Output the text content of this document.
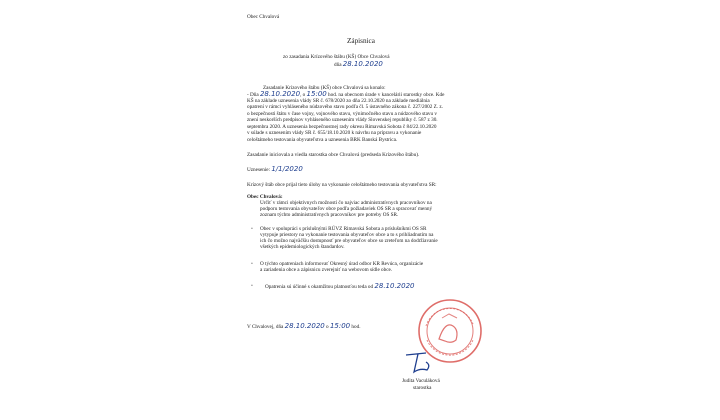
Obec Chvalová
Zápisnica
zo zasadania Krízového štábu (KŠ) Obce Chvalová
dňa 28.10.2020
Zasadanie Krízového štábu (KŠ) obce Chvalová sa konalo:
- Dňa 28.10.2020, o 15:00 hod. na obecnom úrade v kancelárii starostky obce. Kde
KŠ na základe uznesenia vlády SR č. 678/2020 zo dňa 22.10.2020 na základe mediálnia
opatrení v rámci vyhláseného núdzového stavu podľa čl. 5 ústavného zákona č. 227/2002 Z. z.
o bezpečnosti štátu v čase vojny, vojnového stavu, výnimočného stavu a núdzového stavu v
znení neskorších predpisov vyhláseného uznesením vlády Slovenskej republiky č. 587 z 30.
septembra 2020. A uznesenia bezpečnostnej rady okresu Rimavská Sobota č 84/22.10.2020
v súlade s uznesením vlády SR č. 655/18.10.2020 k návrhu na prípravu a vykonanie
celoštátneho testovania obyvateľstva a uznesenia BRK Banská Bystrica.
Zasadanie iniciovala a viedla starostka obce Chvalová (predseda Krízového štábu).
Uznesenie: 1/1/2020
Krízový štáb obce prijal tieto úlohy na vykonanie celoštátneho testovania obyvateľstva SR:
Obec Chvalová:
Určiť v rámci objektívnych možností čo najviac administratívnych pracovníkov na
podporu testovania obyvateľov obce podľa požiadaviek OS SR a spracovať menný
zoznam týchto administratívnych pracovníkov pre potreby OS SR.
▫ Obec v spolupráci s príslušnými RÚVZ Rimavská Sobota a príslušníkmi OS SR
vytypuje priestory na vykonanie testovania obyvateľov obce a to s prihliadnutím na
ich čo možno najväčšiu dostupnosť pre obyvateľov obce so zreteľom na dodržiavanie
všetkých epidemiologických štandardov.
▫ O týchto opatreniach informovať Okresný úrad odbor KR Revúca, organizácie
a zariadenia obce a zápisnicu zverejniť na webovom sídle obce.
▫ Opatrenia sú účinné s okamžitou platnosťou teda od 28.10.2020
V Chvalovej, dňa 28.10.2020 o 15:00 hod.
Judita Vaculáková
starostka
